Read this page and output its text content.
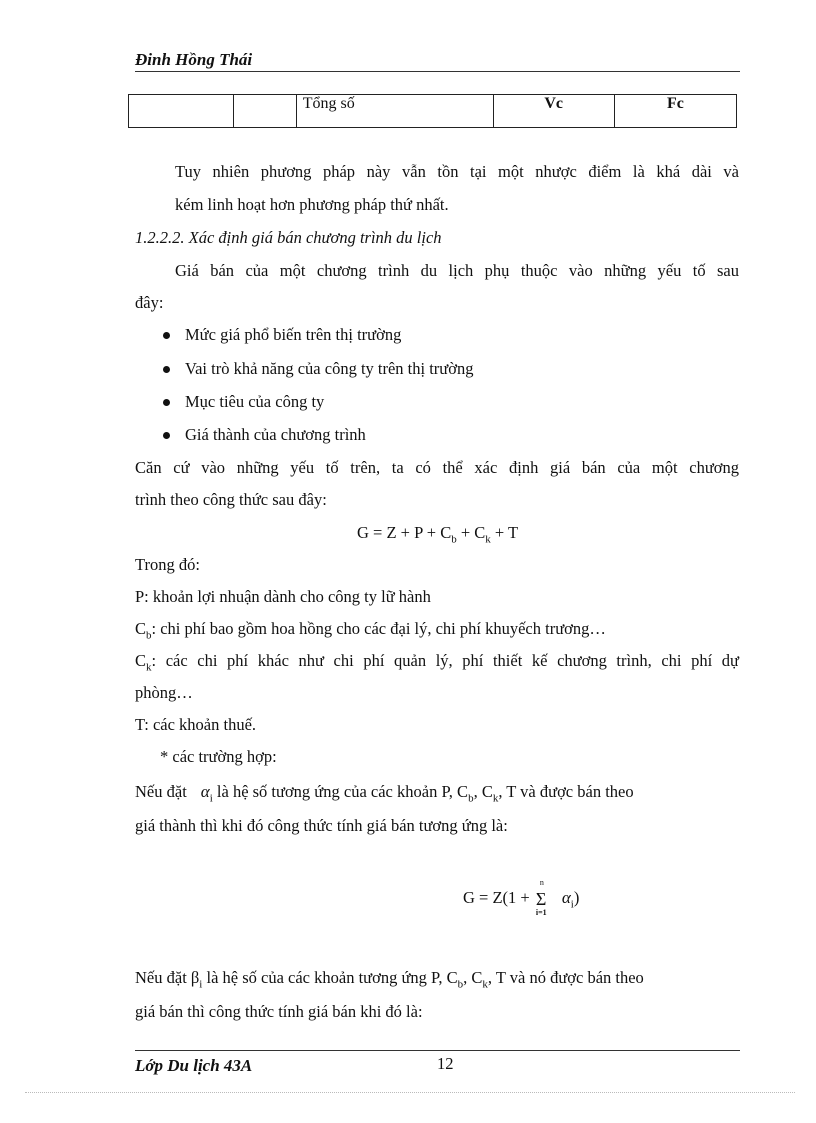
Đinh Hồng Thái
		Tổng số	Vc	Fc
Tuy nhiên phương pháp này vẫn tồn tại một nhược điểm là khá dài và
kém linh hoạt hơn phương pháp thứ nhất.
1.2.2.2. Xác định giá bán chương trình du lịch
Giá bán của một chương trình du lịch phụ thuộc vào những yếu tố sau
đây:
Mức giá phổ biến trên thị trường
Vai trò khả năng của công ty trên thị trường
Mục tiêu của công ty
Giá thành của chương trình
Căn cứ vào những yếu tố trên, ta có thể xác định giá bán của một chương
trình theo công thức sau đây:
$G = Z + P + C_b + C_k + T$
Trong đó:
P: khoản lợi nhuận dành cho công ty lữ hành
$C_b$: chi phí bao gồm hoa hồng cho các đại lý, chi phí khuyếch trương…
$C_k$: các chi phí khác như chi phí quản lý, phí thiết kế chương trình, chi phí dự
phòng…
T: các khoản thuế.
* các trường hợp:
Nếu đặt $\alpha_i$ là hệ số tương ứng của các khoản P, $C_b$, $C_k$, T và được bán theo
giá thành thì khi đó công thức tính giá bán tương ứng là:
G = Z(1 +
n
Σ
i=1
$\alpha_i$)
Nếu đặt $\beta_i$ là hệ số của các khoản tương ứng P, $C_b$, $C_k$, T và nó được bán theo
giá bán thì công thức tính giá bán khi đó là:
Lớp Du lịch 43A	12
